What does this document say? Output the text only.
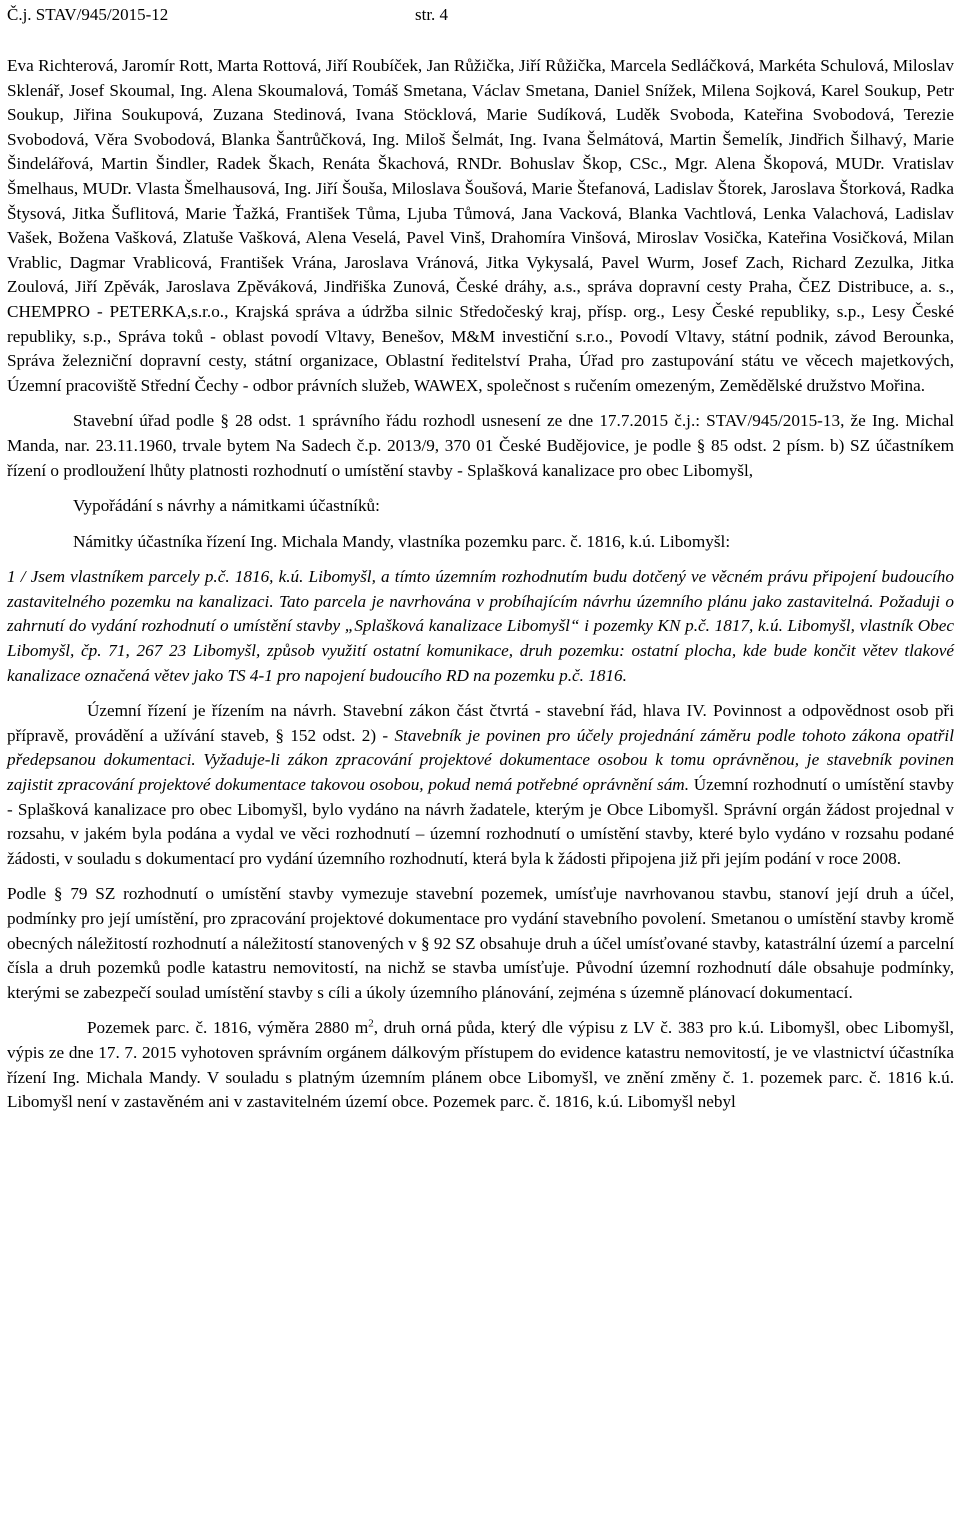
Č.j. STAV/945/2015-12	str. 4

Eva Richterová, Jaromír Rott, Marta Rottová, Jiří Roubíček, Jan Růžička, Jiří Růžička, Marcela Sedláčková, Markéta Schulová, Miloslav Sklenář, Josef Skoumal, Ing. Alena Skoumalová, Tomáš Smetana, Václav Smetana, Daniel Snížek, Milena Sojková, Karel Soukup, Petr Soukup, Jiřina Soukupová, Zuzana Stedinová, Ivana Stöcklová, Marie Sudíková, Luděk Svoboda, Kateřina Svobodová, Terezie Svobodová, Věra Svobodová, Blanka Šantrůčková, Ing. Miloš Šelmát, Ing. Ivana Šelmátová, Martin Šemelík, Jindřich Šilhavý, Marie Šindelářová, Martin Šindler, Radek Škach, Renáta Škachová, RNDr. Bohuslav Škop, CSc., Mgr. Alena Škopová, MUDr. Vratislav Šmelhaus, MUDr. Vlasta Šmelhausová, Ing. Jiří Šouša, Miloslava Šoušová, Marie Štefanová, Ladislav Štorek, Jaroslava Štorková, Radka Štysová, Jitka Šuflitová, Marie Ťažká, František Tůma, Ljuba Tůmová, Jana Vacková, Blanka Vachtlová, Lenka Valachová, Ladislav Vašek, Božena Vašková, Zlatuše Vašková, Alena Veselá, Pavel Vinš, Drahomíra Vinšová, Miroslav Vosička, Kateřina Vosičková, Milan Vrablic, Dagmar Vrablicová, František Vrána, Jaroslava Vránová, Jitka Vykysalá, Pavel Wurm, Josef Zach, Richard Zezulka, Jitka Zoulová, Jiří Zpěvák, Jaroslava Zpěváková, Jindřiška Zunová, České dráhy, a.s., správa dopravní cesty Praha, ČEZ Distribuce, a. s., CHEMPRO - PETERKA,s.r.o., Krajská správa a údržba silnic Středočeský kraj, přísp. org., Lesy České republiky, s.p., Lesy České republiky, s.p., Správa toků - oblast povodí Vltavy, Benešov, M&M investiční s.r.o., Povodí Vltavy, státní podnik, závod Berounka, Správa železniční dopravní cesty, státní organizace, Oblastní ředitelství Praha, Úřad pro zastupování státu ve věcech majetkových, Územní pracoviště Střední Čechy - odbor právních služeb, WAWEX, společnost s ručením omezeným, Zemědělské družstvo Mořina.

Stavební úřad podle § 28 odst. 1 správního řádu rozhodl usnesení ze dne 17.7.2015 č.j.: STAV/945/2015-13, že Ing. Michal Manda, nar. 23.11.1960, trvale bytem Na Sadech č.p. 2013/9, 370 01 České Budějovice, je podle § 85 odst. 2 písm. b) SZ účastníkem řízení o prodloužení lhůty platnosti rozhodnutí o umístění stavby - Splašková kanalizace pro obec Libomyšl,

Vypořádání s návrhy a námitkami účastníků:

Námitky účastníka řízení Ing. Michala Mandy, vlastníka pozemku parc. č. 1816, k.ú. Libomyšl:

1 / Jsem vlastníkem parcely p.č. 1816, k.ú. Libomyšl, a tímto územním rozhodnutím budu dotčený ve věcném právu připojení budoucího zastavitelného pozemku na kanalizaci. Tato parcela je navrhována v probíhajícím návrhu územního plánu jako zastavitelná. Požaduji o zahrnutí do vydání rozhodnutí o umístění stavby „Splašková kanalizace Libomyšl“ i pozemky KN p.č. 1817, k.ú. Libomyšl, vlastník Obec Libomyšl, čp. 71, 267 23 Libomyšl, způsob využití ostatní komunikace, druh pozemku: ostatní plocha, kde bude končit větev tlakové kanalizace označená větev jako TS 4-1 pro napojení budoucího RD na pozemku p.č. 1816.

Územní řízení je řízením na návrh. Stavební zákon část čtvrtá - stavební řád, hlava IV. Povinnost a odpovědnost osob při přípravě, provádění a užívání staveb, § 152 odst. 2) - Stavebník je povinen pro účely projednání záměru podle tohoto zákona opatřil předepsanou dokumentaci. Vyžaduje-li zákon zpracování projektové dokumentace osobou k tomu oprávněnou, je stavebník povinen zajistit zpracování projektové dokumentace takovou osobou, pokud nemá potřebné oprávnění sám. Územní rozhodnutí o umístění stavby - Splašková kanalizace pro obec Libomyšl, bylo vydáno na návrh žadatele, kterým je Obce Libomyšl. Správní orgán žádost projednal v rozsahu, v jakém byla podána a vydal ve věci rozhodnutí – územní rozhodnutí o umístění stavby, které bylo vydáno v rozsahu podané žádosti, v souladu s dokumentací pro vydání územního rozhodnutí, která byla k žádosti připojena již při jejím podání v roce 2008.

Podle § 79 SZ rozhodnutí o umístění stavby vymezuje stavební pozemek, umísťuje navrhovanou stavbu, stanoví její druh a účel, podmínky pro její umístění, pro zpracování projektové dokumentace pro vydání stavebního povolení. Smetanou o umístění stavby kromě obecných náležitostí rozhodnutí a náležitostí stanovených v § 92 SZ obsahuje druh a účel umísťované stavby, katastrální území a parcelní čísla a druh pozemků podle katastru nemovitostí, na nichž se stavba umísťuje. Původní územní rozhodnutí dále obsahuje podmínky, kterými se zabezpečí soulad umístění stavby s cíli a úkoly územního plánování, zejména s územně plánovací dokumentací.

Pozemek parc. č. 1816, výměra 2880 $m^2$, druh orná půda, který dle výpisu z LV č. 383 pro k.ú. Libomyšl, obec Libomyšl, výpis ze dne 17. 7. 2015 vyhotoven správním orgánem dálkovým přístupem do evidence katastru nemovitostí, je ve vlastnictví účastníka řízení Ing. Michala Mandy. V souladu s platným územním plánem obce Libomyšl, ve znění změny č. 1. pozemek parc. č. 1816 k.ú. Libomyšl není v zastavěném ani v zastavitelném území obce. Pozemek parc. č. 1816, k.ú. Libomyšl nebyl
